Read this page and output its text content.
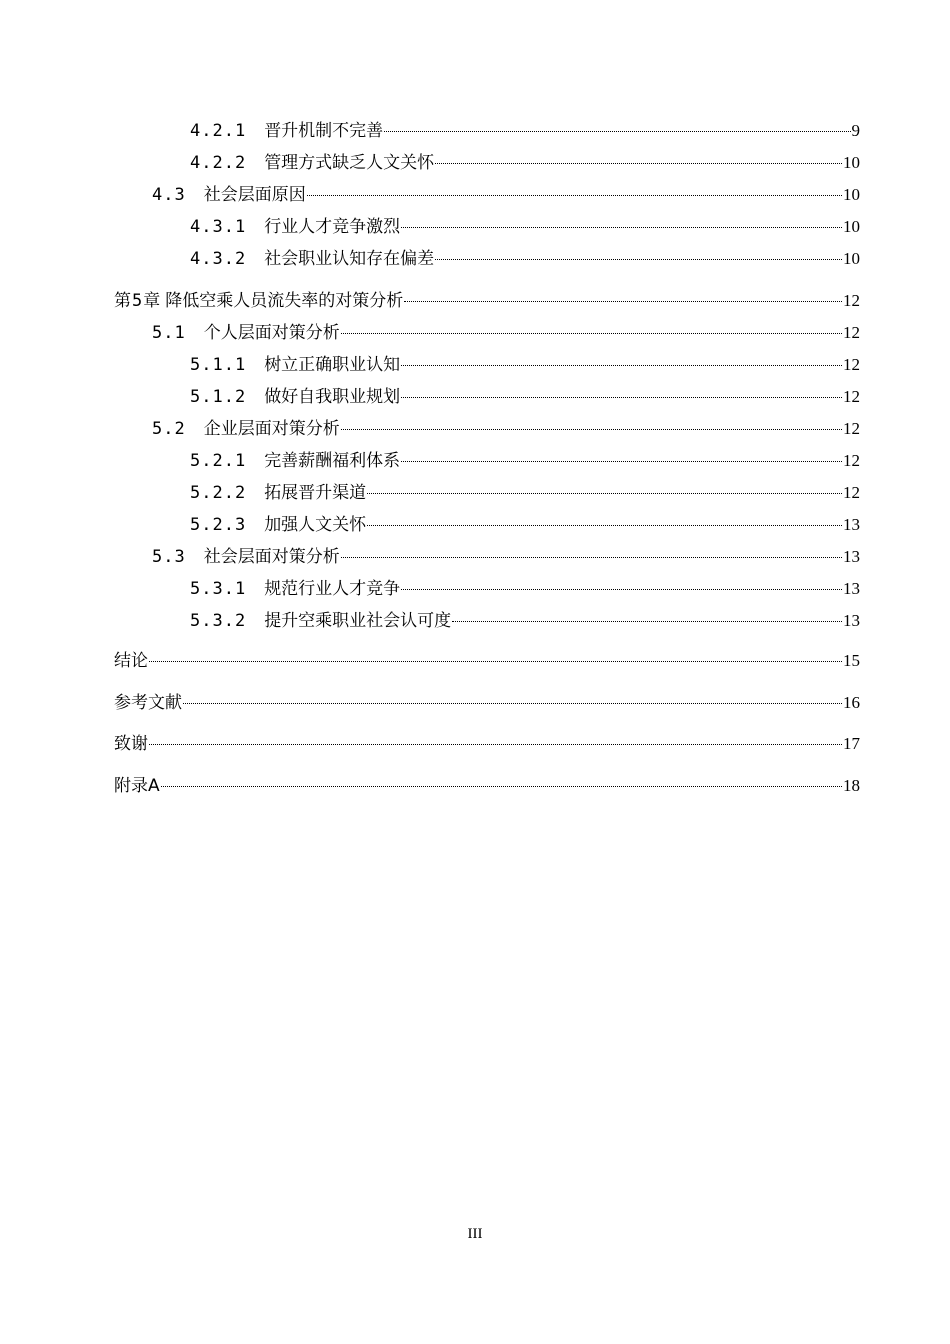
4.2.1 晋升机制不完善	9
4.2.2 管理方式缺乏人文关怀	10
4.3 社会层面原因	10
4.3.1 行业人才竞争激烈	10
4.3.2 社会职业认知存在偏差	10
第5章 降低空乘人员流失率的对策分析	12
5.1 个人层面对策分析	12
5.1.1 树立正确职业认知	12
5.1.2 做好自我职业规划	12
5.2 企业层面对策分析	12
5.2.1 完善薪酬福利体系	12
5.2.2 拓展晋升渠道	12
5.2.3 加强人文关怀	13
5.3 社会层面对策分析	13
5.3.1 规范行业人才竞争	13
5.3.2 提升空乘职业社会认可度	13
结论	15
参考文献	16
致谢	17
附录A	18
III
